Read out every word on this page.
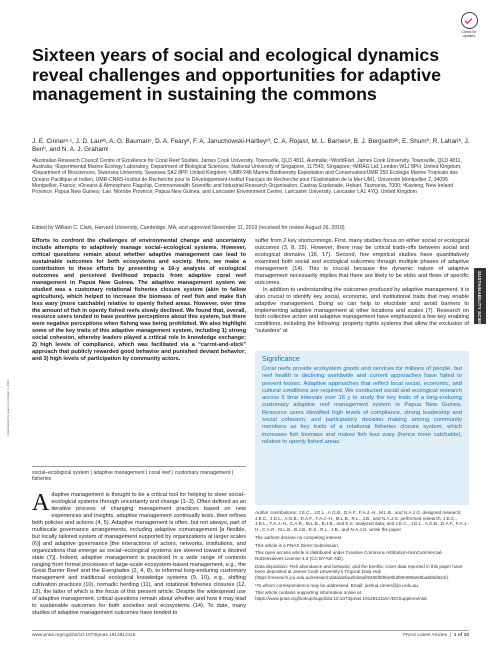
Downloaded by guest on October 3, 2020
Check for updates
Sixteen years of social and ecological dynamics reveal challenges and opportunities for adaptive management in sustaining the commons
J. E. Cinnerᵃ·¹, J. D. Lauᵃᵇ, A. G. Baumanᶜ, D. A. Fearyᵈ, F. A. Januchowski-Hartleyᵉᶠ, C. A. Rojasᵍ, M. L. Barnesᵃ, B. J. Bergsethᵃᵇ, E. Shumʰ, R. Lahariʰ, J. Benʰ, and N. A. J. Grahamʲ
ᵃAustralian Research Council Centre of Excellence for Coral Reef Studies, James Cook University, Townsville, QLD 4811, Australia; ᵇWorldFish, James Cook University, Townsville, QLD 4811, Australia; ᶜExperimental Marine Ecology Laboratory, Department of Biological Sciences, National University of Singapore, 117543, Singapore; ᵈMRAG Ltd, London W1J 8PH, United Kingdom; ᵉDepartment of Biosciences, Swansea University, Swansea SA2 8PP, United Kingdom; ᶠUMR 248 Marine Biodiversity Exploitation and Conservation/UMR 250 Ecologie Marine Tropicale des Oceans Pacifique et Indien, UMR-CNRS-Institut de Recherche pour le Développement-Institut Français de Recherche pour l’Exploitation de la Mer-UM1, Université Montpellier 2, 34095 Montpellier, France; ᵍOceans & Atmosphere Flagship, Commonwealth Scientific and Industrial Research Organisation, Castray Esplanade, Hobart, Tasmania, 7000; ʰKavieng, New Ireland Province, Papua New Guinea; ⁱLae, Morobe Province, Papua New Guinea; and ʲLancaster Environment Centre, Lancaster University, Lancaster LA1 4YQ, United Kingdom
Edited by William C. Clark, Harvard University, Cambridge, MA, and approved November 11, 2019 (received for review August 26, 2019)
Efforts to confront the challenges of environmental change and uncertainty include attempts to adaptively manage social–ecological systems. However, critical questions remain about whether adaptive management can lead to sustainable outcomes for both ecosystems and society. Here, we make a contribution to these efforts by presenting a 16-y analysis of ecological outcomes and perceived livelihood impacts from adaptive coral reef management in Papua New Guinea. The adaptive management system we studied was a customary rotational fisheries closure system (akin to fallow agriculture), which helped to increase the biomass of reef fish and make fish less wary (more catchable) relative to openly fished areas. However, over time the amount of fish in openly fished reefs slowly declined. We found that, overall, resource users tended to have positive perceptions about this system, but there were negative perceptions when fishing was being prohibited. We also highlight some of the key traits of this adaptive management system, including 1) strong social cohesion, whereby leaders played a critical role in knowledge exchange; 2) high levels of compliance, which was facilitated via a “carrot-and-stick” approach that publicly rewarded good behavior and punished deviant behavior; and 3) high levels of participation by community actors.
social–ecological system | adaptive management | coral reef | customary management | fisheries
Adaptive management is thought to be a critical tool for helping to steer social–ecological systems through uncertainty and change (1–3). Often defined as an iterative process of changing management practices based on new experiences and insights, adaptive management continually tests, then refines both policies and actions (4, 5). Adaptive management is often, but not always, part of multiscale governance arrangements, including adaptive comanagement [a flexible, but locally tailored system of management supported by organizations at larger scales (6)] and adaptive governance [the interactions of actors, networks, institutions, and organizations that emerge as social–ecological systems are steered toward a desired state (7)]. Indeed, adaptive management is practiced in a wide range of contexts ranging from formal processes of large-scale ecosystem-based management, e.g., the Great Barrier Reef and the Everglades (2, 4, 8), to informal long-enduring customary management and traditional ecological knowledge systems (9, 10), e.g., shifting cultivation practices (10), nomadic herding (11), and rotational fisheries closures (12, 13), the latter of which is the focus of this present article. Despite the widespread use of adaptive management, critical questions remain about whether and how it may lead to sustainable outcomes for both societies and ecosystems (14). To date, many studies of adaptive management outcomes have tended to

suffer from 2 key shortcomings. First, many studies focus on either social or ecological outcomes (3, 8, 15). However, there may be critical trade-offs between social and ecological domains (16, 17). Second, few empirical studies have quantitatively examined both social and ecological outcomes through multiple phases of adaptive management (14). This is crucial because the dynamic nature of adaptive management necessarily implies that there are likely to be ebbs and flows of specific outcomes.

In addition to understanding the outcomes produced by adaptive management, it is also crucial to identify key social, economic, and institutional traits that may enable adaptive management. Doing so can help to elucidate and avoid barriers to implementing adaptive management at other locations and scales (7). Research on both collective action and adaptive management have emphasized a few key enabling conditions, including the following: property rights systems that allow the exclusion of “outsiders” at	SUSTAINABILITY SCIENCE
Significance

Coral reefs provide ecosystem goods and services for millions of people, but reef health is declining worldwide and current approaches have failed to prevent losses. Adaptive approaches that reflect local social, economic, and cultural conditions are required. We conducted social and ecological research across 5 time intervals over 16 y to study the key traits of a long-enduring customary adaptive reef management system in Papua New Guinea. Resource users identified high levels of compliance, strong leadership and social cohesion, and participatory decision making among community members as key traits of a rotational fisheries closure system, which increases fish biomass and makes fish less wary (hence more catchable), relative to openly fished areas.

Author contributions: J.E.C., J.D.L., A.G.B., D.A.F., F.A.J.-H., M.L.B., and N.A.J.G. designed research; J.E.C., J.D.L., A.G.B., D.A.F., F.A.J.-H., M.L.B., R.L., J.B., and N.A.J.G. performed research; J.E.C., J.D.L., F.A.J.-H., C.A.R., M.L.B., B.J.B., and E.S. analyzed data; and J.E.C., J.D.L., A.G.B., D.A.F., F.A.J.-H., C.A.R., M.L.B., B.J.B., E.S., R.L., J.B., and N.A.J.G. wrote the paper.

The authors declare no competing interest.

This article is a PNAS Direct Submission.

This open access article is distributed under Creative Commons Attribution-NonCommercial-NoDerivatives License 4.0 (CC BY-NC-ND).

Data deposition: Fish abundance and behavior, and the benthic cover data reported in this paper have been deposited at James Cook University’s Tropical Data Hub (https://research.jcu.edu.au/researchdata/default/detail/5286f5f8be9b2f894995e65ba5b6d624/).

¹To whom correspondence may be addressed. Email: joshua.cinner@jcu.edu.au.

This article contains supporting information online at https://www.pnas.org/lookup/suppl/doi:10.1073/pnas.1914812116/-/DCSupplemental.

www.pnas.org/cgi/doi/10.1073/pnas.1914812116	PNAS Latest Articles  |  1 of 10
